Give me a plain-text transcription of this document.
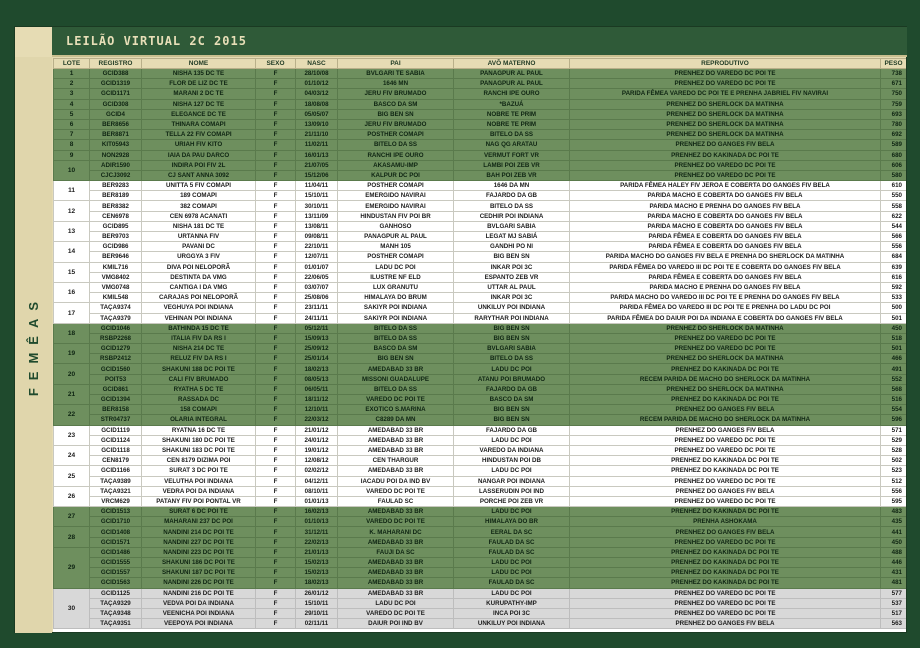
LEILÃO VIRTUAL 2C 2015
FEMÊAS
LOTE	REGISTRO	NOME	SEXO	NASC	PAI	AVÔ MATERNO	REPRODUTIVO	PESO
1	GCID388	NISHA 135 DC TE	F	28/10/08	BVLGARI TE SABIA	PANAGPUR AL PAUL	PRENHEZ DO VAREDO DC POI TE	738
2	GCID1319	FLOR DE LIZ DC TE	F	01/10/12	1646 MN	PANAGPUR AL PAUL	PRENHEZ DO VAREDO DC POI TE	671
3	GCID1171	MARANI 2 DC TE	F	04/03/12	JERU FIV BRUMADO	RANCHI IPE OURO	PARIDA FÊMEA VAREDO DC POI TE E PRENHA JABRIEL FIV NAVIRAI	750
4	GCID308	NISHA 127 DC TE	F	18/08/08	BASCO DA SM	*BAZUÁ	PRENHEZ DO SHERLOCK DA MATINHA	759
5	GCID4	ELEGANCE DC TE	F	05/05/07	BIG BEN SN	NOBRE TE PRIM	PRENHEZ DO SHERLOCK DA MATINHA	693
6	BER8656	THINARA COMAPI	F	13/09/10	JERU FIV BRUMADO	NOBRE TE PRIM	PRENHEZ DO SHERLOCK DA MATINHA	780
7	BER8871	TELLA 22 FIV COMAPI	F	21/11/10	POSTHER COMAPI	BITELO DA SS	PRENHEZ DO SHERLOCK DA MATINHA	692
8	KIT05943	URIAH FIV KITO	F	11/02/11	BITELO DA SS	NAG QG ARATAU	PRENHEZ DO GANGES FIV BELA	589
9	NON2928	IAIA DA PAU DARCO	F	16/01/13	RANCHI IPE OURO	VERMUT FORT VR	PRENHEZ DO KAKINADA DC POI TE	680
10	ADIR1590	INDIRA POI FIV 2L	F	21/07/05	AKASAMU-IMP	LAMBI POI ZEB VR	PRENHEZ DO VAREDO DC POI TE	606
	CJCJ3092	CJ SANT ANNA 3092	F	15/12/06	KALPUR DC POI	BAH POI ZEB VR	PRENHEZ DO VAREDO DC POI TE	580
11	BER9283	UNITTA 5 FIV COMAPI	F	11/04/11	POSTHER COMAPI	1646 DA MN	PARIDA FÊMEA HALEY FIV JEROA E COBERTA DO GANGES FIV BELA	610
	BER8189	189 COMAPI	F	15/10/11	EMERGIDO NAVIRAI	FAJARDO DA GB	PARIDA MACHO E COBERTA DO GANGES FIV BELA	550
12	BER8382	382 COMAPI	F	30/10/11	EMERGIDO NAVIRAI	BITELO DA SS	PARIDA MACHO E PRENHA DO GANGES FIV BELA	558
	CEN6978	CEN 6978 ACANATI	F	13/11/09	HINDUSTAN FIV POI BR	CEDHIR POI INDIANA	PARIDA MACHO E COBERTA DO GANGES FIV BELA	622
13	GCID895	NISHA 181 DC TE	F	13/08/11	GANHOSO	BVLGARI SABIA	PARIDA MACHO E COBERTA DO GANGES FIV BELA	544
	BER9703	URTANNA FIV	F	09/08/11	PANAGPUR AL PAUL	LEGAT MJ SABIÁ	PARIDA FÊMEA E COBERTA DO GANGES FIV BELA	566
14	GCID986	PAVANI DC	F	22/10/11	MANH 105	GANDHI PO NI	PARIDA FÊMEA E COBERTA DO GANGES FIV BELA	556
	BER9646	URGGYA 3 FIV	F	12/07/11	POSTHER COMAPI	BIG BEN SN	PARIDA MACHO DO GANGES FIV BELA E PRENHA DO SHERLOCK DA MATINHA	684
15	KMIL716	DIVA POI NELOPORÃ	F	01/01/07	LADU DC POI	INKAR POI 3C	PARIDA FÊMEA DO VAREDO III DC POI TE E COBERTA DO GANGES FIV BELA	639
	VMG8402	DESTINTA DA VMG	F	22/06/05	ILUSTRE NF ELD	ESPANTO ZEB VR	PARIDA FÊMEA E COBERTA DO GANGES FIV BELA	616
16	VMG0748	CANTIGA I DA VMG	F	03/07/07	LUX GRANUTU	UTTAR AL PAUL	PARIDA MACHO E PRENHA DO GANGES FIV BELA	592
	KMIL548	CARAJAS POI NELOPORÃ	F	25/08/06	HIMALAYA DO BRUM	INKAR POI 3C	PARIDA MACHO DO VAREDO III DC POI TE E PRENHA DO GANGES FIV BELA	533
17	TAÇA9374	VEGHUYA POI INDIANA	F	23/11/11	SAKIYR POI INDIANA	UNKILUY POI INDIANA	PARIDA FÊMEA DO VAREDO III DC POI TE E PRENHA DO LADU DC POI	500
	TAÇA9379	VEHINAN POI INDIANA	F	24/11/11	SAKIYR POI INDIANA	RARYTHAR POI INDIANA	PARIDA FÊMEA DO DAIUR POI DA INDIANA E COBERTA DO GANGES FIV BELA	501
18	GCID1046	BATHINDA 15 DC TE	F	05/12/11	BITELO DA SS	BIG BEN SN	PRENHEZ DO SHERLOCK DA MATINHA	450
	RSBP2268	ITALIA FIV DA RS I	F	15/09/13	BITELO DA SS	BIG BEN SN	PRENHEZ DO VAREDO DC POI TE	518
19	GCID1279	NISHA 214 DC TE	F	25/09/12	BASCO DA SM	BVLGARI SABIA	PRENHEZ DO VAREDO DC POI TE	501
	RSBP2412	RELUZ FIV DA RS I	F	25/01/14	BIG BEN SN	BITELO DA SS	PRENHEZ DO SHERLOCK DA MATINHA	466
20	GCID1560	SHAKUNI 188 DC POI TE	F	18/02/13	AMEDABAD 33 BR	LADU DC POI	PRENHEZ DO KAKINADA DC POI TE	491
	POIT53	CALI FIV BRUMADO	F	08/05/13	MISSONI GUADALUPE	ATANU POI BRUMADO	RECEM PARIDA DE MACHO DO SHERLOCK DA MATINHA	552
21	GCID861	RYATHA 5 DC TE	F	06/05/11	BITELO DA SS	FAJARDO DA GB	PRENHEZ DO SHERLOCK DA MATINHA	568
	GCID1394	RASSADA DC	F	18/11/12	VAREDO DC POI TE	BASCO DA SM	PRENHEZ DO KAKINADA DC POI TE	516
22	BER8158	158 COMAPI	F	12/10/11	EXOTICO S.MARINA	BIG BEN SN	PRENHEZ DO GANGES FIV BELA	554
	STR04737	OLARIA INTEGRAL	F	22/03/12	C8289 DA MN	BIG BEN SN	RECEM PARIDA DE MACHO DO SHERLOCK DA MATINHA	596
23	GCID1119	RYATNA 16 DC TE	F	21/01/12	AMEDABAD 33 BR	FAJARDO DA GB	PRENHEZ DO GANGES FIV BELA	571
	GCID1124	SHAKUNI 180 DC POI TE	F	24/01/12	AMEDABAD 33 BR	LADU DC POI	PRENHEZ DO VAREDO DC POI TE	529
24	GCID1118	SHAKUNI 183 DC POI TE	F	19/01/12	AMEDABAD 33 BR	VAREDO DA INDIANA	PRENHEZ DO VAREDO DC POI TE	528
	CEN8179	CEN 8179 DIZIMA POI	F	12/08/12	CEN THARGUR	HINDUSTAN POI DB	PRENHEZ DO KAKINADA DC POI TE	502
25	GCID1166	SURAT 3 DC POI TE	F	02/02/12	AMEDABAD 33 BR	LADU DC POI	PRENHEZ DO KAKINADA DC POI TE	523
	TAÇA9389	VELUTHA POI INDIANA	F	04/12/11	IACADU POI DA IND BV	NANGAR POI INDIANA	PRENHEZ DO VAREDO DC POI TE	512
26	TAÇA9321	VEDRA POI DA INDIANA	F	08/10/11	VAREDO DC POI TE	LASSERUDIN POI IND	PRENHEZ DO GANGES FIV BELA	556
	VRCM629	PATANY FIV POI PONTAL VR	F	01/01/13	FAULAD SC	PORCHE POI ZEB VR	PRENHEZ DO VAREDO DC POI TE	595
27	GCID1513	SURAT 6 DC POI TE	F	16/02/13	AMEDABAD 33 BR	LADU DC POI	PRENHEZ DO KAKINADA DC POI TE	483
	GCID1710	MAHARANI 237 DC POI	F	01/10/13	VAREDO DC POI TE	HIMALAYA DO BR	PRENHA ASHOKAMA	435
28	GCID1408	NANDINI 214 DC POI TE	F	31/12/11	K. MAHARANI DC	EERAL DA SC	PRENHEZ DO GANGES FIV BELA	441
	GCID1571	NANDINI 227 DC POI TE	F	22/02/13	AMEDABAD 33 BR	FAULAD DA SC	PRENHEZ DO VAREDO DC POI TE	450
29	GCID1486	NANDINI 223 DC POI TE	F	21/01/13	FAUJI DA SC	FAULAD DA SC	PRENHEZ DO KAKINADA DC POI TE	488
	GCID1555	SHAKUNI 186 DC POI TE	F	15/02/13	AMEDABAD 33 BR	LADU DC POI	PRENHEZ DO KAKINADA DC POI TE	446
	GCID1557	SHAKUNI 187 DC POI TE	F	15/02/13	AMEDABAD 33 BR	LADU DC POI	PRENHEZ DO KAKINADA DC POI TE	431
	GCID1563	NANDINI 226 DC POI TE	F	18/02/13	AMEDABAD 33 BR	FAULAD DA SC	PRENHEZ DO KAKINADA DC POI TE	481
30	GCID1125	NANDINI 216 DC POI TE	F	26/01/12	AMEDABAD 33 BR	LADU DC POI	PRENHEZ DO VAREDO DC POI TE	577
	TAÇA9329	VEDVA POI DA INDIANA	F	15/10/11	LADU DC POI	KURUPATHY-IMP	PRENHEZ DO VAREDO DC POI TE	537
	TAÇA9348	VEENICHA POI INDIANA	F	29/10/11	VAREDO DC POI TE	INCA POI 3C	PRENHEZ DO VAREDO DC POI TE	517
	TAÇA9351	VEEPOYA POI INDIANA	F	02/11/11	DAIUR POI IND BV	UNKILUY POI INDIANA	PRENHEZ DO GANGES FIV BELA	563
